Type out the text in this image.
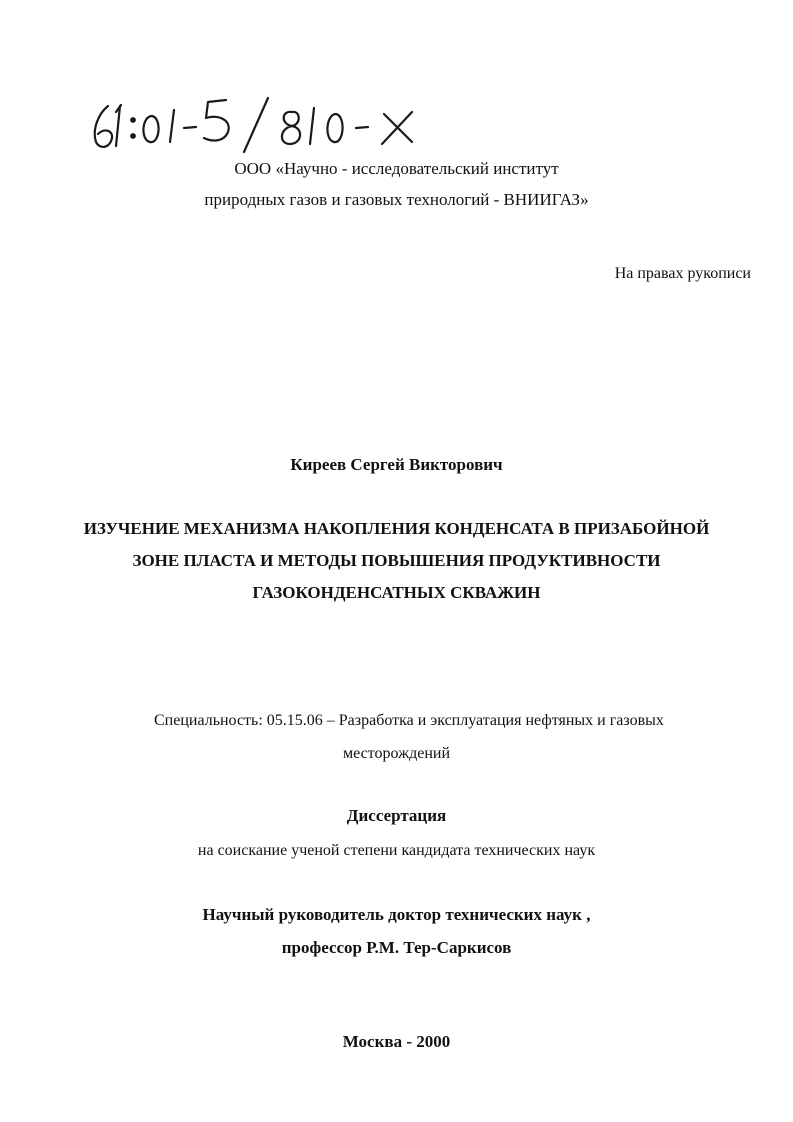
ООО «Научно - исследовательский институт
природных газов и газовых технологий - ВНИИГАЗ»
На правах рукописи
Киреев Сергей Викторович
ИЗУЧЕНИЕ МЕХАНИЗМА НАКОПЛЕНИЯ КОНДЕНСАТА В ПРИЗАБОЙНОЙ
ЗОНЕ ПЛАСТА И МЕТОДЫ ПОВЫШЕНИЯ ПРОДУКТИВНОСТИ
ГАЗОКОНДЕНСАТНЫХ СКВАЖИН
Специальность: 05.15.06 – Разработка и эксплуатация нефтяных и газовых
месторождений
Диссертация
на соискание ученой степени кандидата технических наук
Научный руководитель доктор технических наук ,
профессор Р.М. Тер-Саркисов
Москва - 2000
